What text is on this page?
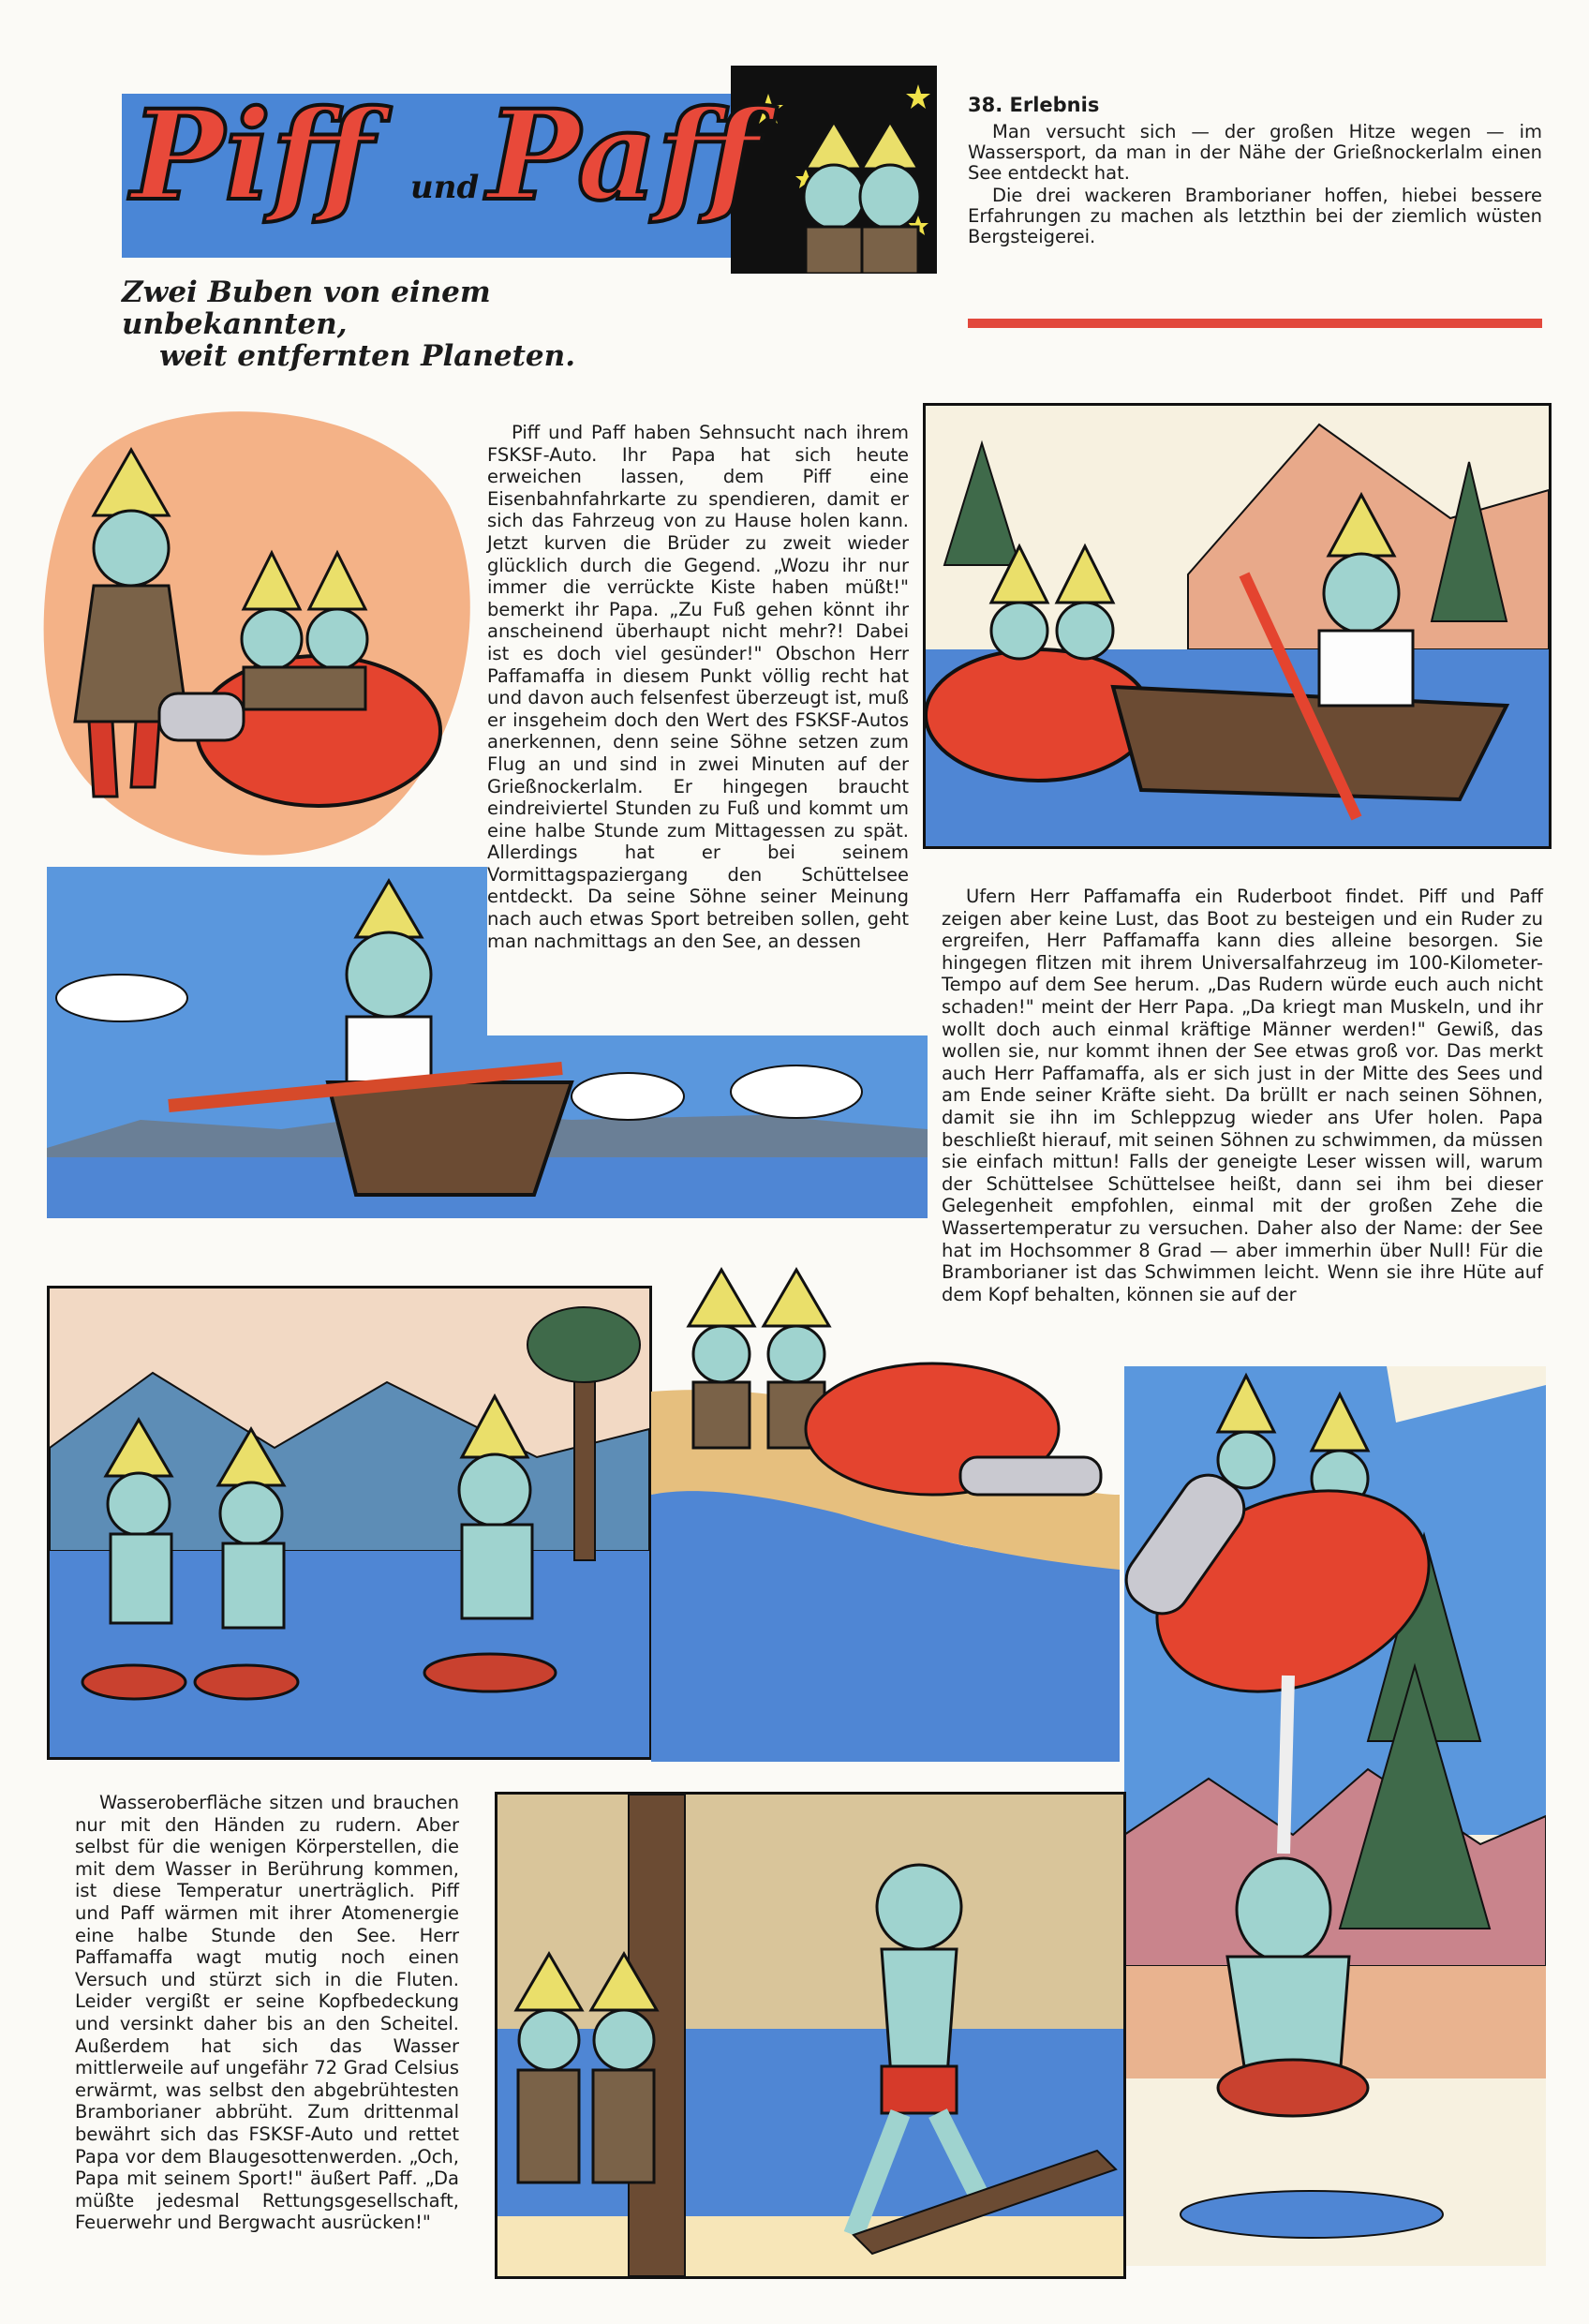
Piff und Paff
Zwei Buben von einem unbekannten,
weit entfernten Planeten.
38. Erlebnis

Man versucht sich — der großen Hitze wegen — im Wassersport, da man in der Nähe der Grießnockerlalm einen See entdeckt hat.

Die drei wackeren Bramborianer hoffen, hiebei bessere Erfahrungen zu machen als letzthin bei der ziemlich wüsten Bergsteigerei.

Piff und Paff haben Sehnsucht nach ihrem FSKSF-Auto. Ihr Papa hat sich heute erweichen lassen, dem Piff eine Eisenbahnfahrkarte zu spendieren, damit er sich das Fahrzeug von zu Hause holen kann. Jetzt kurven die Brüder zu zweit wieder glücklich durch die Gegend. „Wozu ihr nur immer die verrückte Kiste haben müßt!" bemerkt ihr Papa. „Zu Fuß gehen könnt ihr anscheinend überhaupt nicht mehr?! Dabei ist es doch viel gesünder!" Obschon Herr Paffamaffa in diesem Punkt völlig recht hat und davon auch felsenfest überzeugt ist, muß er insgeheim doch den Wert des FSKSF-Autos anerkennen, denn seine Söhne setzen zum Flug an und sind in zwei Minuten auf der Grießnockerlalm. Er hingegen braucht eindreiviertel Stunden zu Fuß und kommt um eine halbe Stunde zum Mittagessen zu spät. Allerdings hat er bei seinem Vormittagspaziergang den Schüttelsee entdeckt. Da seine Söhne seiner Meinung nach auch etwas Sport betreiben sollen, geht man nachmittags an den See, an dessen

Ufern Herr Paffamaffa ein Ruderboot findet. Piff und Paff zeigen aber keine Lust, das Boot zu besteigen und ein Ruder zu ergreifen, Herr Paffamaffa kann dies alleine besorgen. Sie hingegen flitzen mit ihrem Universalfahrzeug im 100-Kilometer-Tempo auf dem See herum. „Das Rudern würde euch auch nicht schaden!" meint der Herr Papa. „Da kriegt man Muskeln, und ihr wollt doch auch einmal kräftige Männer werden!" Gewiß, das wollen sie, nur kommt ihnen der See etwas groß vor. Das merkt auch Herr Paffamaffa, als er sich just in der Mitte des Sees und am Ende seiner Kräfte sieht. Da brüllt er nach seinen Söhnen, damit sie ihn im Schleppzug wieder ans Ufer holen. Papa beschließt hierauf, mit seinen Söhnen zu schwimmen, da müssen sie einfach mittun! Falls der geneigte Leser wissen will, warum der Schüttelsee Schüttelsee heißt, dann sei ihm bei dieser Gelegenheit empfohlen, einmal mit der großen Zehe die Wassertemperatur zu versuchen. Daher also der Name: der See hat im Hochsommer 8 Grad — aber immerhin über Null! Für die Bramborianer ist das Schwimmen leicht. Wenn sie ihre Hüte auf dem Kopf behalten, können sie auf der

Wasseroberfläche sitzen und brauchen nur mit den Händen zu rudern. Aber selbst für die wenigen Körperstellen, die mit dem Wasser in Berührung kommen, ist diese Temperatur unerträglich. Piff und Paff wärmen mit ihrer Atomenergie eine halbe Stunde den See. Herr Paffamaffa wagt mutig noch einen Versuch und stürzt sich in die Fluten. Leider vergißt er seine Kopfbedeckung und versinkt daher bis an den Scheitel. Außerdem hat sich das Wasser mittlerweile auf ungefähr 72 Grad Celsius erwärmt, was selbst den abgebrühtesten Bramborianer abbrüht. Zum drittenmal bewährt sich das FSKSF-Auto und rettet Papa vor dem Blaugesottenwerden. „Och, Papa mit seinem Sport!" äußert Paff. „Da müßte jedesmal Rettungsgesellschaft, Feuerwehr und Bergwacht ausrücken!"
